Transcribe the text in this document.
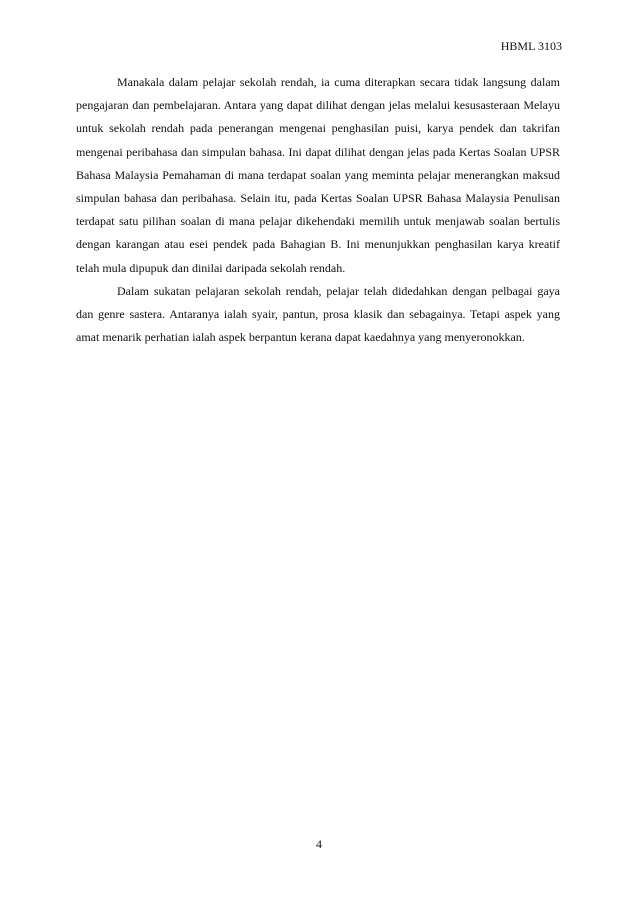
HBML 3103

Manakala dalam pelajar sekolah rendah, ia cuma diterapkan secara tidak langsung dalam pengajaran dan pembelajaran. Antara yang dapat dilihat dengan jelas melalui kesusasteraan Melayu untuk sekolah rendah pada penerangan mengenai penghasilan puisi, karya pendek dan takrifan mengenai peribahasa dan simpulan bahasa. Ini dapat dilihat dengan jelas pada Kertas Soalan UPSR Bahasa Malaysia Pemahaman di mana terdapat soalan yang meminta pelajar menerangkan maksud simpulan bahasa dan peribahasa. Selain itu, pada Kertas Soalan UPSR Bahasa Malaysia Penulisan terdapat satu pilihan soalan di mana pelajar dikehendaki memilih untuk menjawab soalan bertulis dengan karangan atau esei pendek pada Bahagian B. Ini menunjukkan penghasilan karya kreatif telah mula dipupuk dan dinilai daripada sekolah rendah.

Dalam sukatan pelajaran sekolah rendah, pelajar telah didedahkan dengan pelbagai gaya dan genre sastera. Antaranya ialah syair, pantun, prosa klasik dan sebagainya. Tetapi aspek yang amat menarik perhatian ialah aspek berpantun kerana dapat kaedahnya yang menyeronokkan.

4
